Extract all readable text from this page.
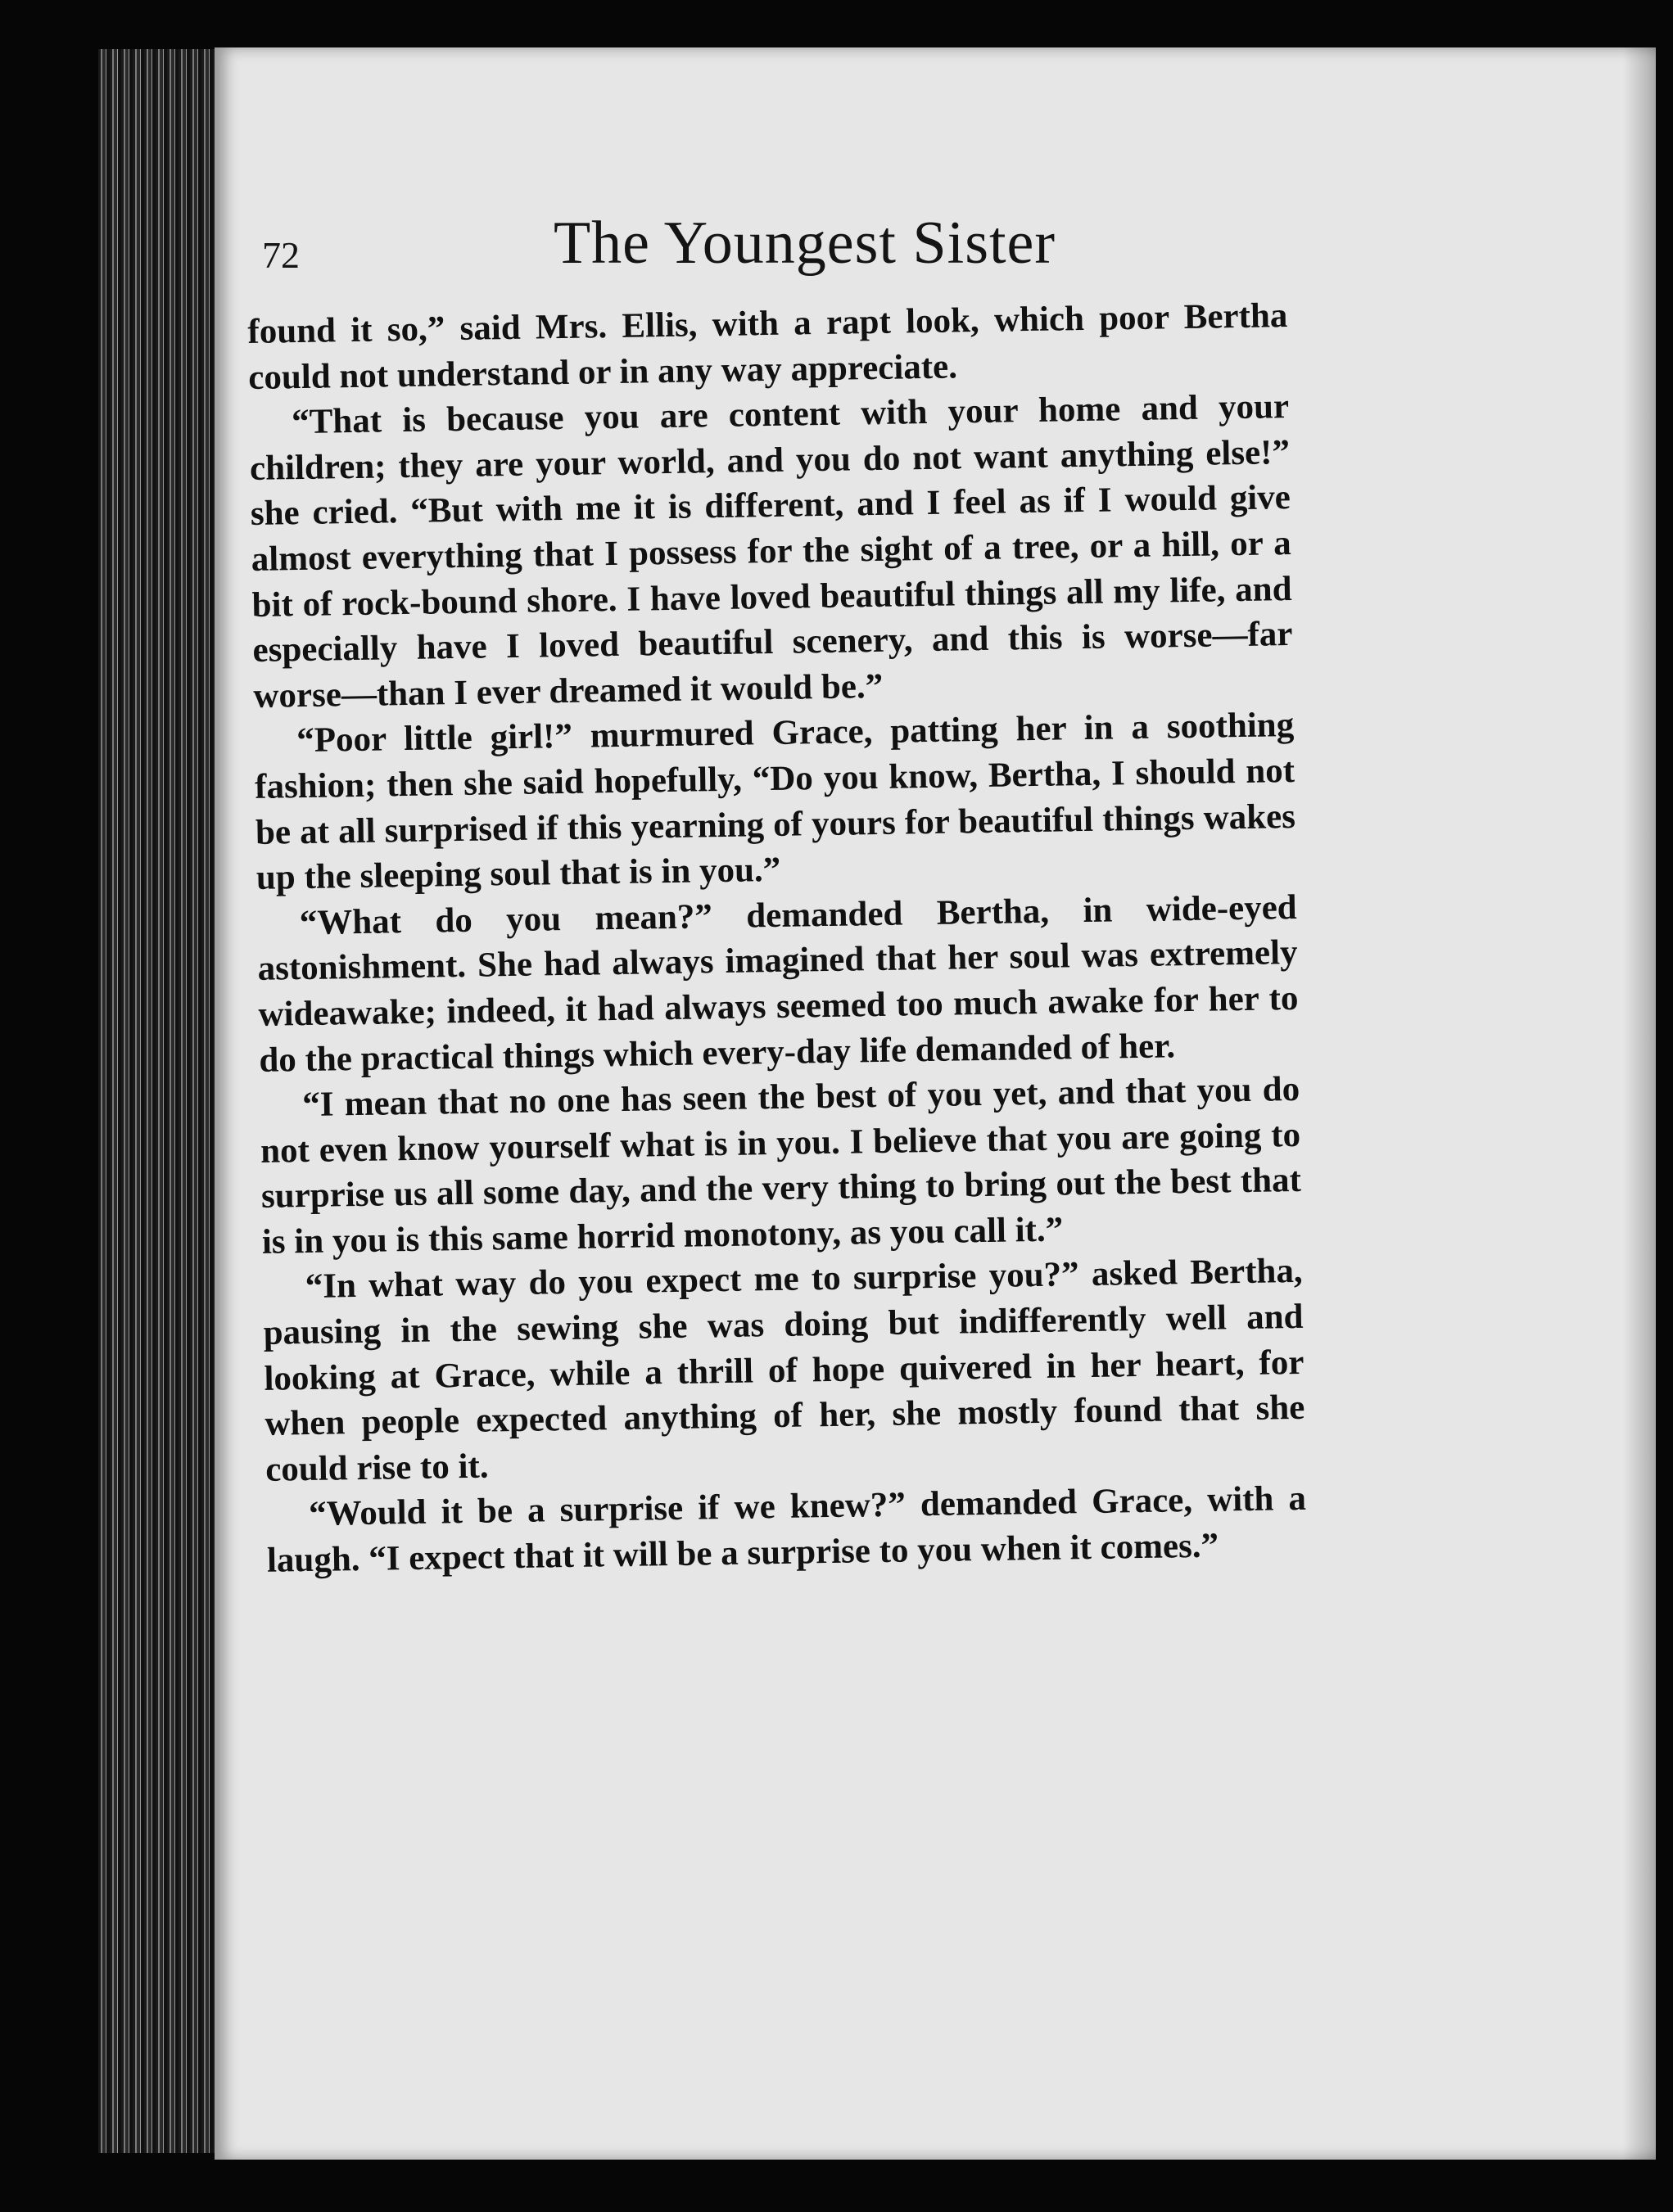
72	The Youngest Sister

found it so,” said Mrs. Ellis, with a rapt look, which poor Bertha could not understand or in any way appreciate.

“That is because you are content with your home and your children; they are your world, and you do not want anything else!” she cried. “But with me it is different, and I feel as if I would give almost everything that I possess for the sight of a tree, or a hill, or a bit of rock-bound shore. I have loved beautiful things all my life, and especially have I loved beautiful scenery, and this is worse—far worse—than I ever dreamed it would be.”

“Poor little girl!” murmured Grace, patting her in a soothing fashion; then she said hopefully, “Do you know, Bertha, I should not be at all surprised if this yearning of yours for beautiful things wakes up the sleeping soul that is in you.”

“What do you mean?” demanded Bertha, in wide-eyed astonishment. She had always imagined that her soul was extremely wideawake; indeed, it had always seemed too much awake for her to do the practical things which every-day life demanded of her.

“I mean that no one has seen the best of you yet, and that you do not even know yourself what is in you. I believe that you are going to surprise us all some day, and the very thing to bring out the best that is in you is this same horrid monotony, as you call it.”

“In what way do you expect me to surprise you?” asked Bertha, pausing in the sewing she was doing but indifferently well and looking at Grace, while a thrill of hope quivered in her heart, for when people expected anything of her, she mostly found that she could rise to it.

“Would it be a surprise if we knew?” demanded Grace, with a laugh. “I expect that it will be a surprise to you when it comes.”
